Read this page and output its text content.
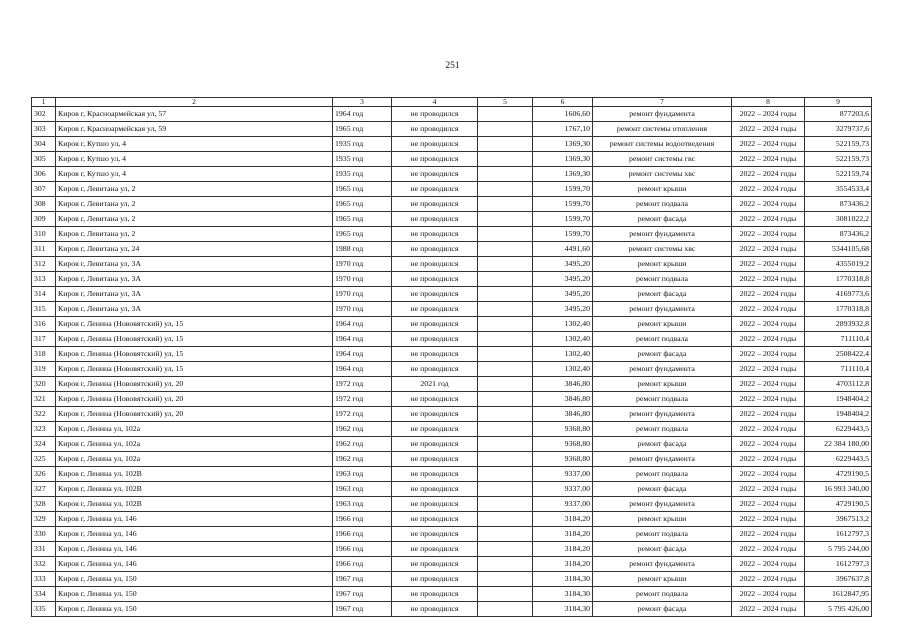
251
1	2	3	4	5	6	7	8	9
302	Киров г, Красноармейская ул, 57	1964 год	не проводился		1606,60	ремонт фундамента	2022 – 2024 годы	877203,6
303	Киров г, Красноармейская ул, 59	1965 год	не проводился		1767,10	ремонт системы отопления	2022 – 2024 годы	3279737,6
304	Киров г, Кутшо ул, 4	1935 год	не проводился		1369,30	ремонт системы водоотведения	2022 – 2024 годы	522159,73
305	Киров г, Кутшо ул, 4	1935 год	не проводился		1369,30	ремонт системы гвс	2022 – 2024 годы	522159,73
306	Киров г, Кутшо ул, 4	1935 год	не проводился		1369,30	ремонт системы хвс	2022 – 2024 годы	522159,74
307	Киров г, Левитана ул, 2	1965 год	не проводился		1599,70	ремонт крыши	2022 – 2024 годы	3554533,4
308	Киров г, Левитана ул, 2	1965 год	не проводился		1599,70	ремонт подвала	2022 – 2024 годы	873436,2
309	Киров г, Левитана ул, 2	1965 год	не проводился		1599,70	ремонт фасада	2022 – 2024 годы	3081022,2
310	Киров г, Левитана ул, 2	1965 год	не проводился		1599,70	ремонт фундамента	2022 – 2024 годы	873436,2
311	Киров г, Левитана ул, 24	1988 год	не проводился		4491,60	ремонт системы хвс	2022 – 2024 годы	5344105,68
312	Киров г, Левитана ул, 3А	1970 год	не проводился		3495,20	ремонт крыши	2022 – 2024 годы	4355019,2
313	Киров г, Левитана ул, 3А	1970 год	не проводился		3495,20	ремонт подвала	2022 – 2024 годы	1770318,8
314	Киров г, Левитана ул, 3А	1970 год	не проводился		3495,20	ремонт фасада	2022 – 2024 годы	4169773,6
315	Киров г, Левитана ул, 3А	1970 год	не проводился		3495,20	ремонт фундамента	2022 – 2024 годы	1770318,8
316	Киров г, Ленина (Нововятский) ул, 15	1964 год	не проводился		1302,40	ремонт крыши	2022 – 2024 годы	2893932,8
317	Киров г, Ленина (Нововятский) ул, 15	1964 год	не проводился		1302,40	ремонт подвала	2022 – 2024 годы	711110,4
318	Киров г, Ленина (Нововятский) ул, 15	1964 год	не проводился		1302,40	ремонт фасада	2022 – 2024 годы	2508422,4
319	Киров г, Ленина (Нововятский) ул, 15	1964 год	не проводился		1302,40	ремонт фундамента	2022 – 2024 годы	711110,4
320	Киров г, Ленина (Нововятский) ул, 20	1972 год	2021 год		3846,80	ремонт крыши	2022 – 2024 годы	4703112,8
321	Киров г, Ленина (Нововятский) ул, 20	1972 год	не проводился		3846,80	ремонт подвала	2022 – 2024 годы	1948404,2
322	Киров г, Ленина (Нововятский) ул, 20	1972 год	не проводился		3846,80	ремонт фундамента	2022 – 2024 годы	1948404,2
323	Киров г, Ленина ул, 102а	1962 год	не проводился		9368,80	ремонт подвала	2022 – 2024 годы	6229443,5
324	Киров г, Ленина ул, 102а	1962 год	не проводился		9368,80	ремонт фасада	2022 – 2024 годы	22 384 180,00
325	Киров г, Ленина ул, 102а	1962 год	не проводился		9368,80	ремонт фундамента	2022 – 2024 годы	6229443,5
326	Киров г, Ленина ул, 102В	1963 год	не проводился		9337,00	ремонт подвала	2022 – 2024 годы	4729190,5
327	Киров г, Ленина ул, 102В	1963 год	не проводился		9337,00	ремонт фасада	2022 – 2024 годы	16 993 340,00
328	Киров г, Ленина ул, 102В	1963 год	не проводился		9337,00	ремонт фундамента	2022 – 2024 годы	4729190,5
329	Киров г, Ленина ул, 146	1966 год	не проводился		3184,20	ремонт крыши	2022 – 2024 годы	3967513,2
330	Киров г, Ленина ул, 146	1966 год	не проводился		3184,20	ремонт подвала	2022 – 2024 годы	1612797,3
331	Киров г, Ленина ул, 146	1966 год	не проводился		3184,20	ремонт фасада	2022 – 2024 годы	5 795 244,00
332	Киров г, Ленина ул, 146	1966 год	не проводился		3184,20	ремонт фундамента	2022 – 2024 годы	1612797,3
333	Киров г, Ленина ул, 150	1967 год	не проводился		3184,30	ремонт крыши	2022 – 2024 годы	3967637,8
334	Киров г, Ленина ул, 150	1967 год	не проводился		3184,30	ремонт подвала	2022 – 2024 годы	1612847,95
335	Киров г, Ленина ул, 150	1967 год	не проводился		3184,30	ремонт фасада	2022 – 2024 годы	5 795 426,00
